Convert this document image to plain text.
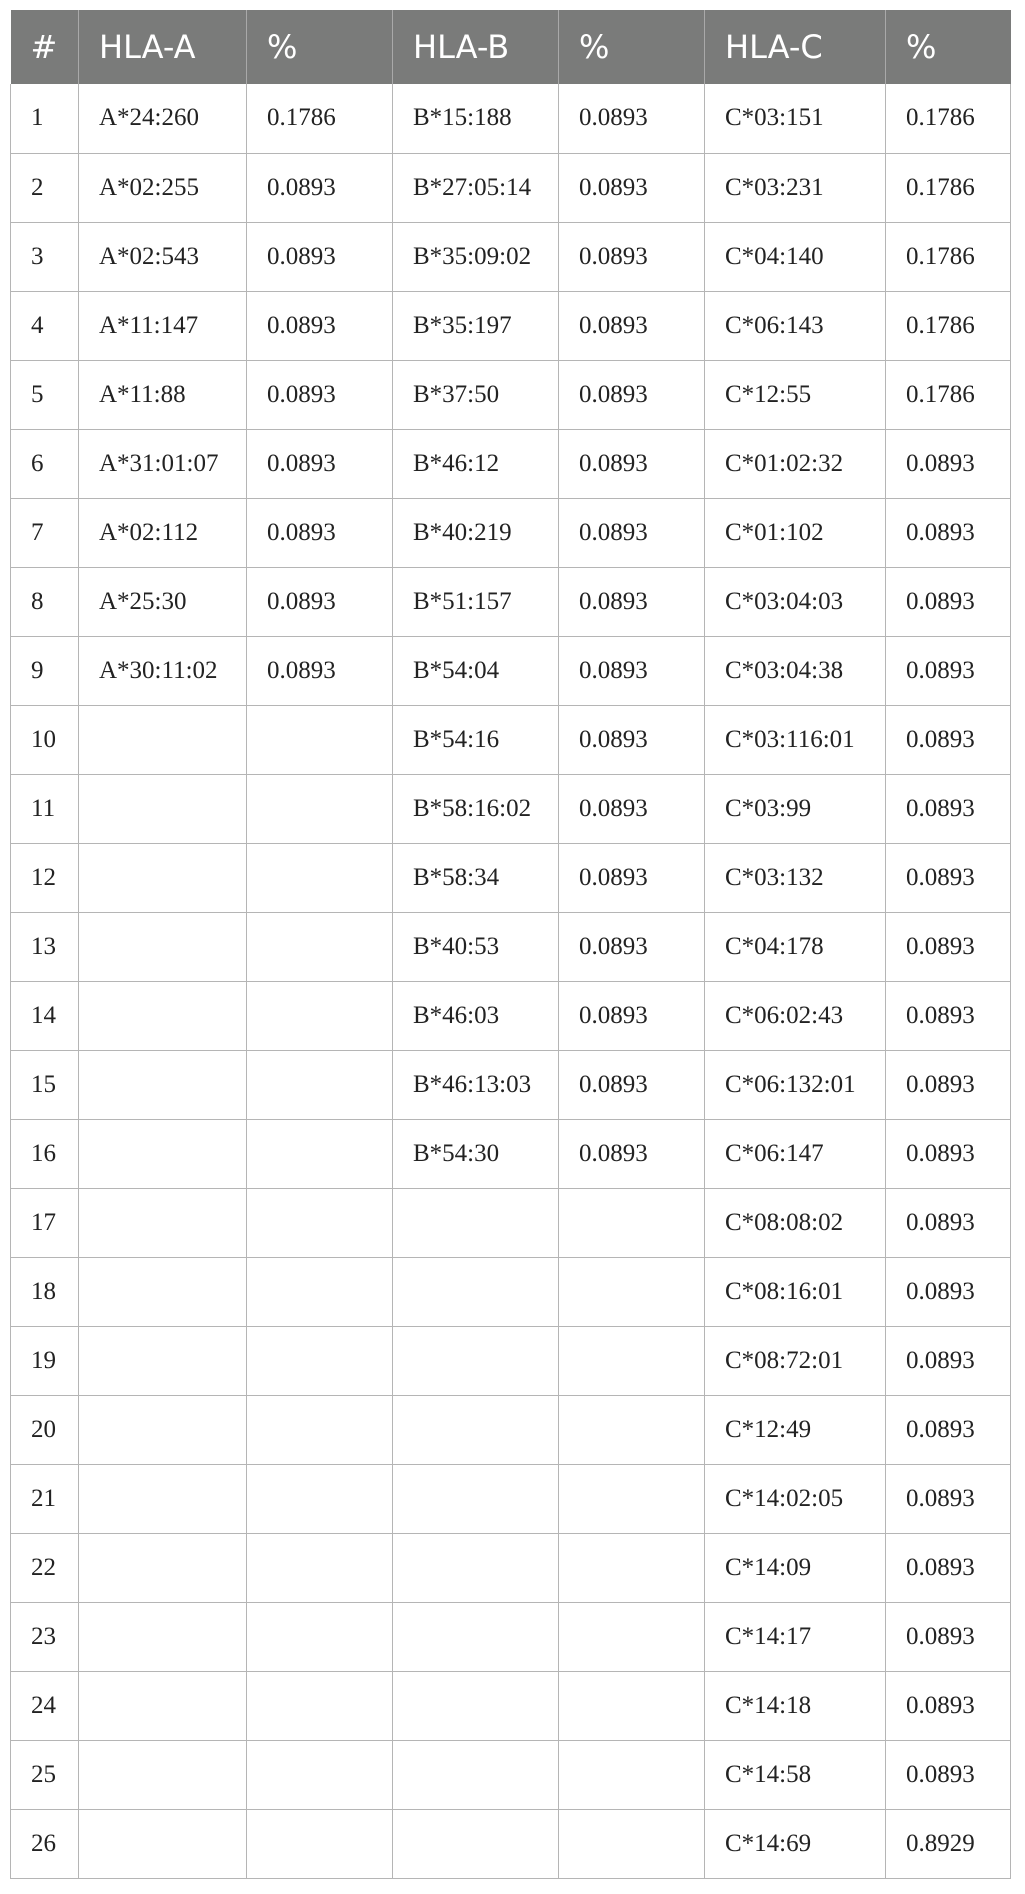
#	HLA-A	%	HLA-B	%	HLA-C	%
1	A*24:260	0.1786	B*15:188	0.0893	C*03:151	0.1786
2	A*02:255	0.0893	B*27:05:14	0.0893	C*03:231	0.1786
3	A*02:543	0.0893	B*35:09:02	0.0893	C*04:140	0.1786
4	A*11:147	0.0893	B*35:197	0.0893	C*06:143	0.1786
5	A*11:88	0.0893	B*37:50	0.0893	C*12:55	0.1786
6	A*31:01:07	0.0893	B*46:12	0.0893	C*01:02:32	0.0893
7	A*02:112	0.0893	B*40:219	0.0893	C*01:102	0.0893
8	A*25:30	0.0893	B*51:157	0.0893	C*03:04:03	0.0893
9	A*30:11:02	0.0893	B*54:04	0.0893	C*03:04:38	0.0893
10			B*54:16	0.0893	C*03:116:01	0.0893
11			B*58:16:02	0.0893	C*03:99	0.0893
12			B*58:34	0.0893	C*03:132	0.0893
13			B*40:53	0.0893	C*04:178	0.0893
14			B*46:03	0.0893	C*06:02:43	0.0893
15			B*46:13:03	0.0893	C*06:132:01	0.0893
16			B*54:30	0.0893	C*06:147	0.0893
17					C*08:08:02	0.0893
18					C*08:16:01	0.0893
19					C*08:72:01	0.0893
20					C*12:49	0.0893
21					C*14:02:05	0.0893
22					C*14:09	0.0893
23					C*14:17	0.0893
24					C*14:18	0.0893
25					C*14:58	0.0893
26					C*14:69	0.8929
